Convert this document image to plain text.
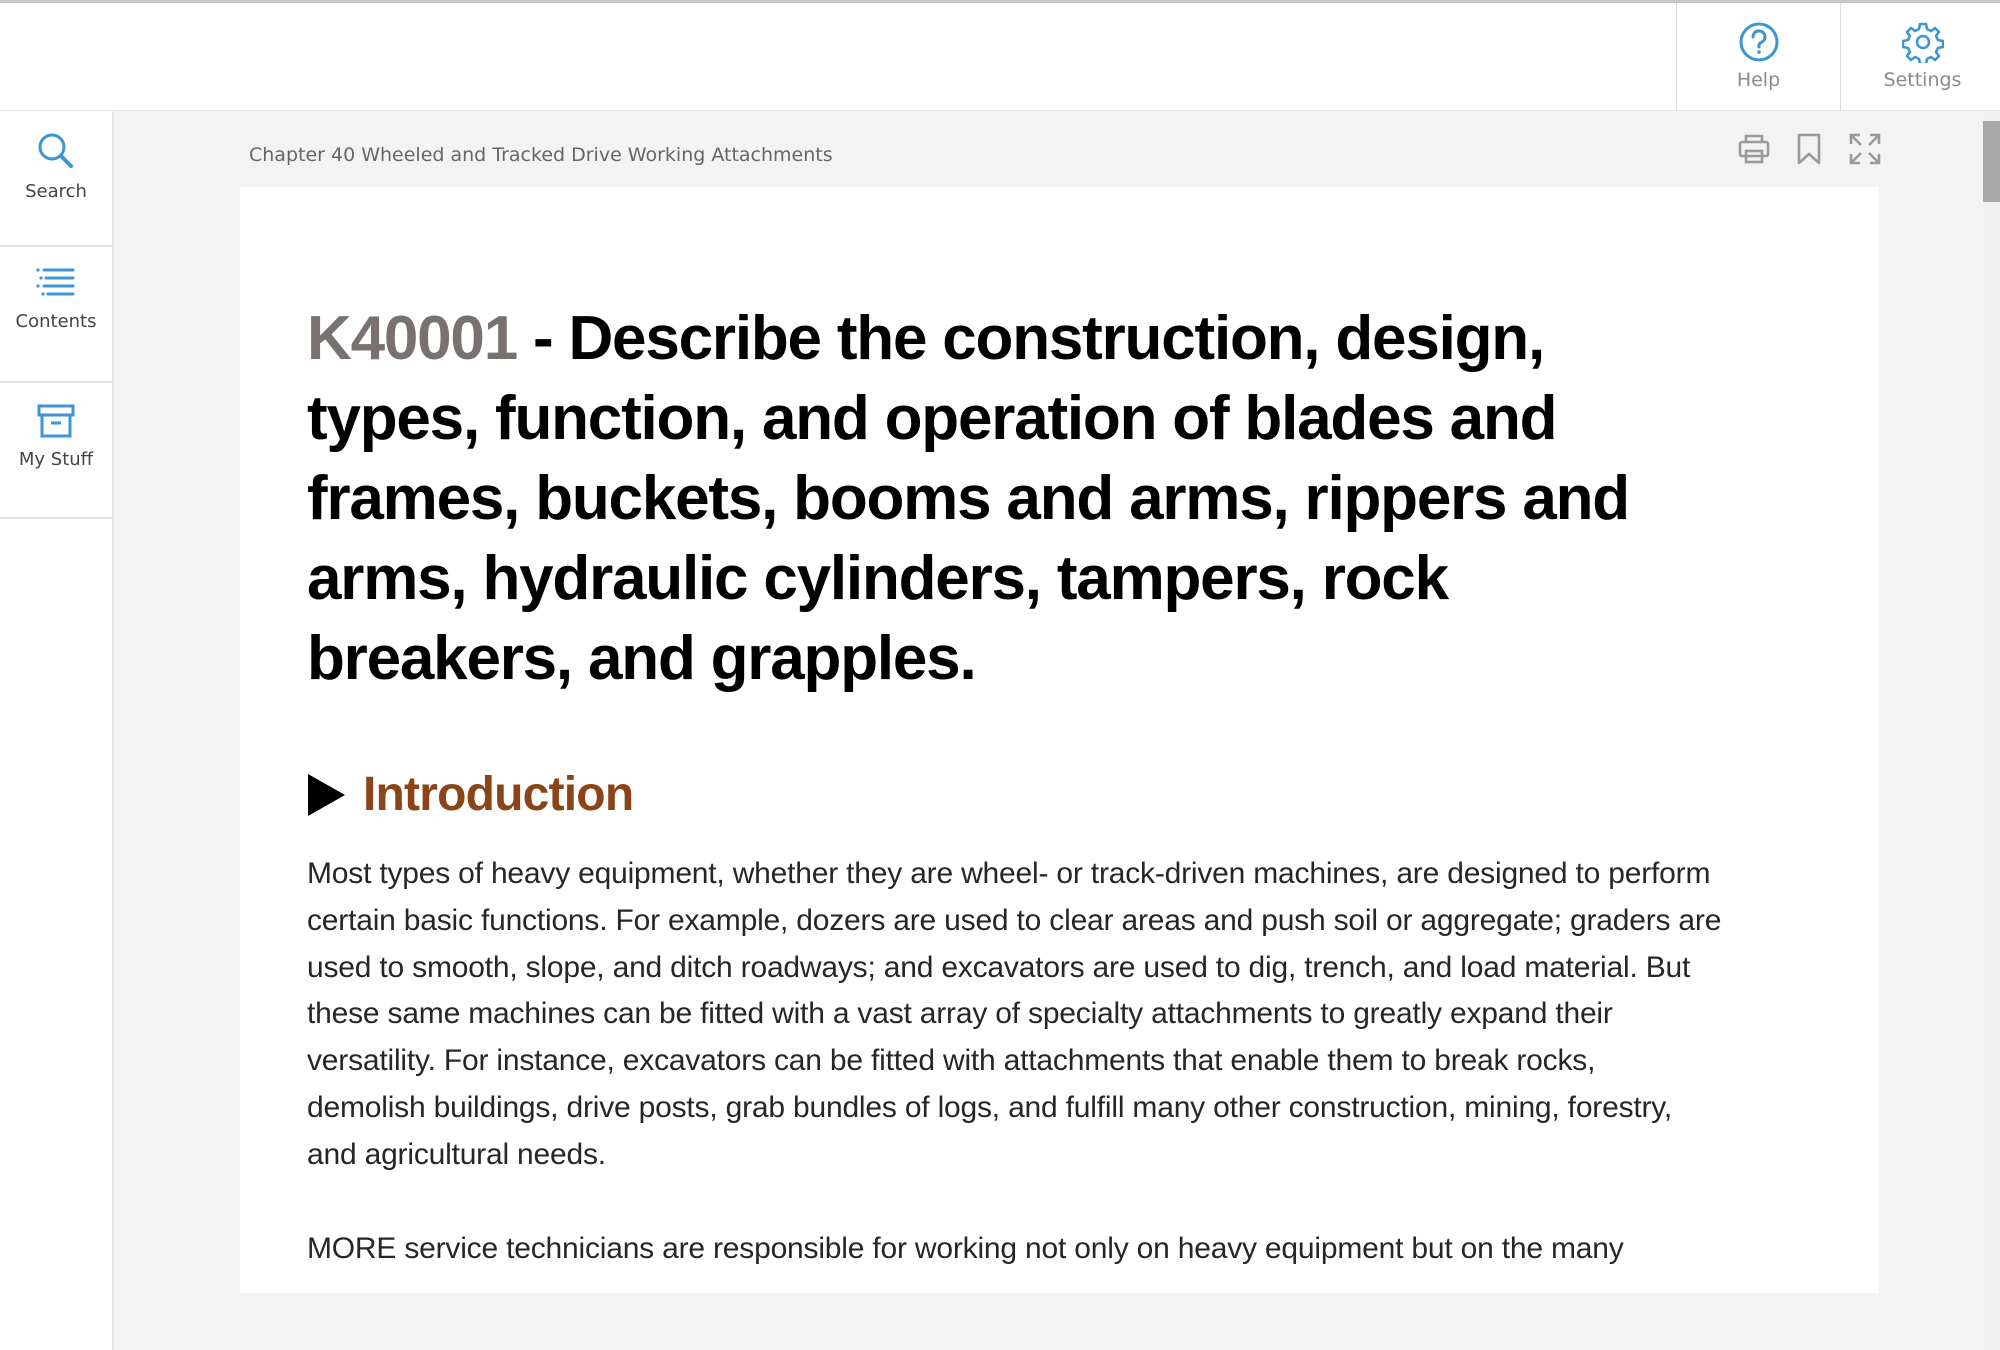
Help	Settings
Search
Contents
My Stuff
Chapter 40 Wheeled and Tracked Drive Working Attachments
K40001 - Describe the construction, design,
types, function, and operation of blades and
frames, buckets, booms and arms, rippers and
arms, hydraulic cylinders, tampers, rock
breakers, and grapples.
Introduction
Most types of heavy equipment, whether they are wheel- or track-driven machines, are designed to perform
certain basic functions. For example, dozers are used to clear areas and push soil or aggregate; graders are
used to smooth, slope, and ditch roadways; and excavators are used to dig, trench, and load material. But
these same machines can be fitted with a vast array of specialty attachments to greatly expand their
versatility. For instance, excavators can be fitted with attachments that enable them to break rocks,
demolish buildings, drive posts, grab bundles of logs, and fulfill many other construction, mining, forestry,
and agricultural needs.
MORE service technicians are responsible for working not only on heavy equipment but on the many
